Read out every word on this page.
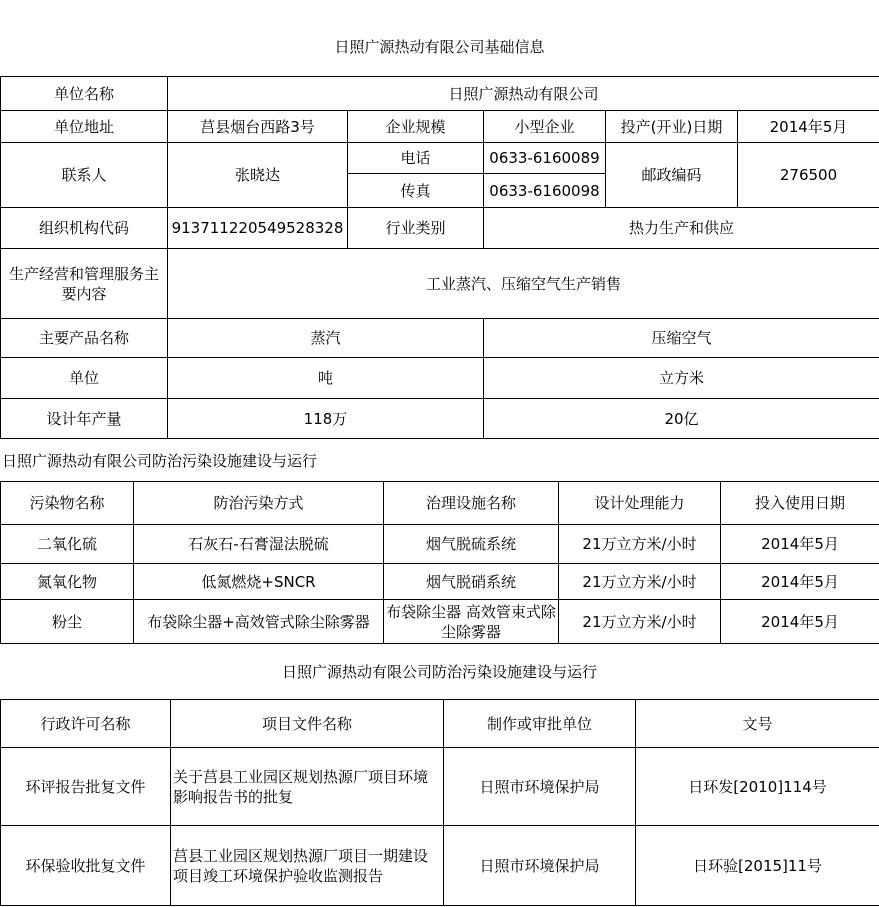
日照广源热动有限公司基础信息
单位名称	日照广源热动有限公司				
单位地址	莒县烟台西路3号	企业规模	小型企业	投产(开业)日期	2014年5月
联系人	张晓达	电话	0633-6160089	邮政编码	276500
		传真	0633-6160098		
组织机构代码	913711220549528328	行业类别	热力生产和供应		
生产经营和管理服务主要内容	工业蒸汽、压缩空气生产销售				
主要产品名称	蒸汽		压缩空气		
单位	吨		立方米		
设计年产量	118万		20亿		
日照广源热动有限公司防治污染设施建设与运行
污染物名称	防治污染方式	治理设施名称	设计处理能力	投入使用日期
二氧化硫	石灰石-石膏湿法脱硫	烟气脱硫系统	21万立方米/小时	2014年5月
氮氧化物	低氮燃烧+SNCR	烟气脱硝系统	21万立方米/小时	2014年5月
粉尘	布袋除尘器+高效管式除尘除雾器	布袋除尘器 高效管束式除尘除雾器	21万立方米/小时	2014年5月
日照广源热动有限公司防治污染设施建设与运行
行政许可名称	项目文件名称	制作或审批单位	文号
环评报告批复文件	关于莒县工业园区规划热源厂项目环境影响报告书的批复	日照市环境保护局	日环发[2010]114号
环保验收批复文件	莒县工业园区规划热源厂项目一期建设项目竣工环境保护验收监测报告	日照市环境保护局	日环验[2015]11号
